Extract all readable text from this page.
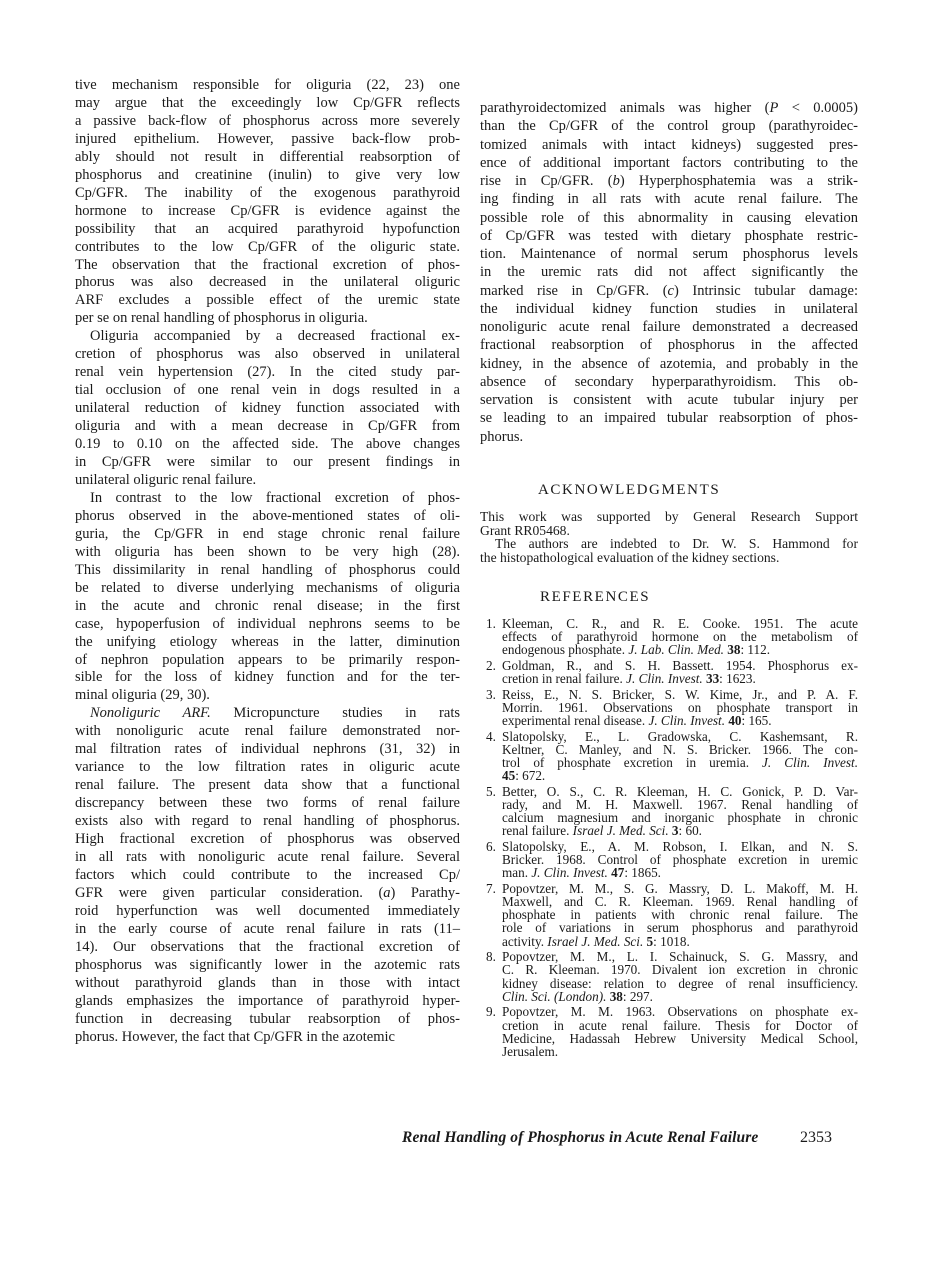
tive mechanism responsible for oliguria (22, 23) one
may argue that the exceedingly low Cp/GFR reflects
a passive back-flow of phosphorus across more severely
injured epithelium. However, passive back-flow prob-
ably should not result in differential reabsorption of
phosphorus and creatinine (inulin) to give very low
Cp/GFR. The inability of the exogenous parathyroid
hormone to increase Cp/GFR is evidence against the
possibility that an acquired parathyroid hypofunction
contributes to the low Cp/GFR of the oliguric state.
The observation that the fractional excretion of phos-
phorus was also decreased in the unilateral oliguric
ARF excludes a possible effect of the uremic state
per se on renal handling of phosphorus in oliguria.
Oliguria accompanied by a decreased fractional ex-
cretion of phosphorus was also observed in unilateral
renal vein hypertension (27). In the cited study par-
tial occlusion of one renal vein in dogs resulted in a
unilateral reduction of kidney function associated with
oliguria and with a mean decrease in Cp/GFR from
0.19 to 0.10 on the affected side. The above changes
in Cp/GFR were similar to our present findings in
unilateral oliguric renal failure.
In contrast to the low fractional excretion of phos-
phorus observed in the above-mentioned states of oli-
guria, the Cp/GFR in end stage chronic renal failure
with oliguria has been shown to be very high (28).
This dissimilarity in renal handling of phosphorus could
be related to diverse underlying mechanisms of oliguria
in the acute and chronic renal disease; in the first
case, hypoperfusion of individual nephrons seems to be
the unifying etiology whereas in the latter, diminution
of nephron population appears to be primarily respon-
sible for the loss of kidney function and for the ter-
minal oliguria (29, 30).
Nonoliguric ARF. Micropuncture studies in rats
with nonoliguric acute renal failure demonstrated nor-
mal filtration rates of individual nephrons (31, 32) in
variance to the low filtration rates in oliguric acute
renal failure. The present data show that a functional
discrepancy between these two forms of renal failure
exists also with regard to renal handling of phosphorus.
High fractional excretion of phosphorus was observed
in all rats with nonoliguric acute renal failure. Several
factors which could contribute to the increased Cp/
GFR were given particular consideration. (a) Parathy-
roid hyperfunction was well documented immediately
in the early course of acute renal failure in rats (11–
14). Our observations that the fractional excretion of
phosphorus was significantly lower in the azotemic rats
without parathyroid glands than in those with intact
glands emphasizes the importance of parathyroid hyper-
function in decreasing tubular reabsorption of phos-
phorus. However, the fact that Cp/GFR in the azotemic
parathyroidectomized animals was higher (P < 0.0005)
than the Cp/GFR of the control group (parathyroidec-
tomized animals with intact kidneys) suggested pres-
ence of additional important factors contributing to the
rise in Cp/GFR. (b) Hyperphosphatemia was a strik-
ing finding in all rats with acute renal failure. The
possible role of this abnormality in causing elevation
of Cp/GFR was tested with dietary phosphate restric-
tion. Maintenance of normal serum phosphorus levels
in the uremic rats did not affect significantly the
marked rise in Cp/GFR. (c) Intrinsic tubular damage:
the individual kidney function studies in unilateral
nonoliguric acute renal failure demonstrated a decreased
fractional reabsorption of phosphorus in the affected
kidney, in the absence of azotemia, and probably in the
absence of secondary hyperparathyroidism. This ob-
servation is consistent with acute tubular injury per
se leading to an impaired tubular reabsorption of phos-
phorus.
ACKNOWLEDGMENTS
This work was supported by General Research Support
Grant RR05468.
The authors are indebted to Dr. W. S. Hammond for
the histopathological evaluation of the kidney sections.
REFERENCES
1. Kleeman, C. R., and R. E. Cooke. 1951. The acute
effects of parathyroid hormone on the metabolism of
endogenous phosphate. J. Lab. Clin. Med. 38: 112.
2. Goldman, R., and S. H. Bassett. 1954. Phosphorus ex-
cretion in renal failure. J. Clin. Invest. 33: 1623.
3. Reiss, E., N. S. Bricker, S. W. Kime, Jr., and P. A. F.
Morrin. 1961. Observations on phosphate transport in
experimental renal disease. J. Clin. Invest. 40: 165.
4. Slatopolsky, E., L. Gradowska, C. Kashemsant, R.
Keltner, C. Manley, and N. S. Bricker. 1966. The con-
trol of phosphate excretion in uremia. J. Clin. Invest.
45: 672.
5. Better, O. S., C. R. Kleeman, H. C. Gonick, P. D. Var-
rady, and M. H. Maxwell. 1967. Renal handling of
calcium magnesium and inorganic phosphate in chronic
renal failure. Israel J. Med. Sci. 3: 60.
6. Slatopolsky, E., A. M. Robson, I. Elkan, and N. S.
Bricker. 1968. Control of phosphate excretion in uremic
man. J. Clin. Invest. 47: 1865.
7. Popovtzer, M. M., S. G. Massry, D. L. Makoff, M. H.
Maxwell, and C. R. Kleeman. 1969. Renal handling of
phosphate in patients with chronic renal failure. The
role of variations in serum phosphorus and parathyroid
activity. Israel J. Med. Sci. 5: 1018.
8. Popovtzer, M. M., L. I. Schainuck, S. G. Massry, and
C. R. Kleeman. 1970. Divalent ion excretion in chronic
kidney disease: relation to degree of renal insufficiency.
Clin. Sci. (London). 38: 297.
9. Popovtzer, M. M. 1963. Observations on phosphate ex-
cretion in acute renal failure. Thesis for Doctor of
Medicine, Hadassah Hebrew University Medical School,
Jerusalem.
Renal Handling of Phosphorus in Acute Renal Failure	2353
